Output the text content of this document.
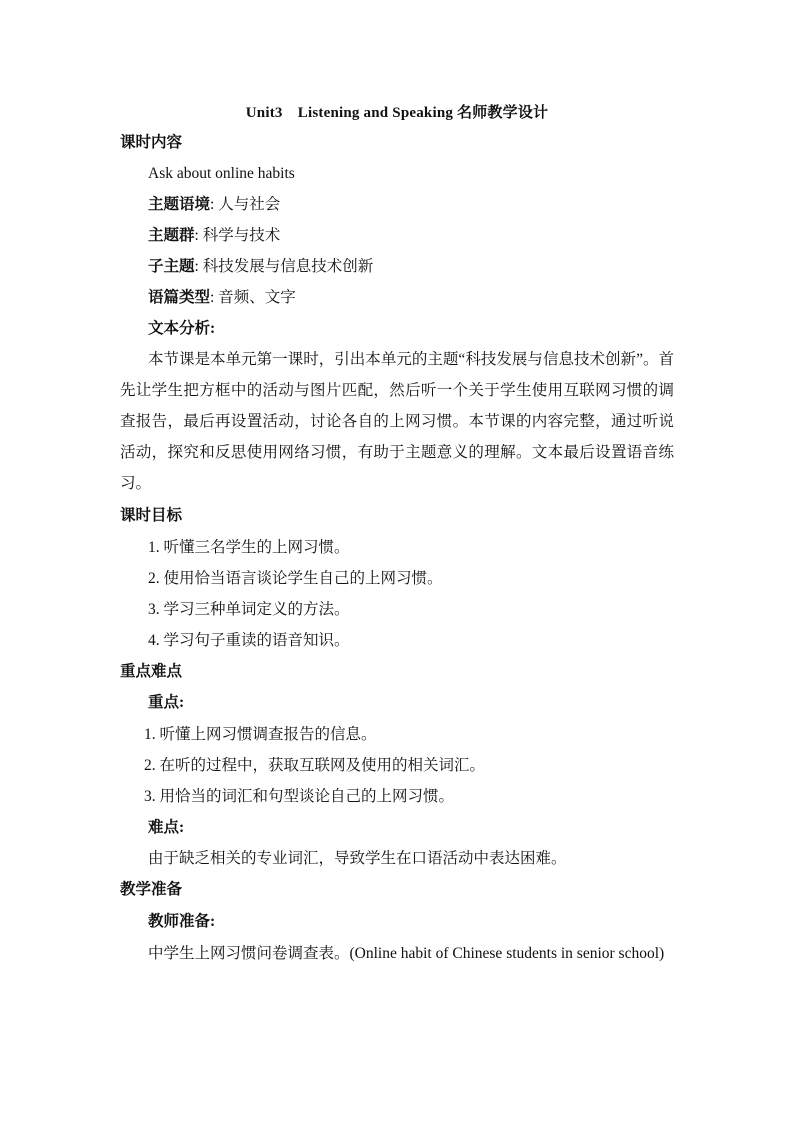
Unit3　Listening and Speaking 名师教学设计
课时内容
Ask about online habits
主题语境: 人与社会
主题群: 科学与技术
子主题: 科技发展与信息技术创新
语篇类型: 音频、文字
文本分析:

本节课是本单元第一课时，引出本单元的主题“科技发展与信息技术创新”。首先让学生把方框中的活动与图片匹配，然后听一个关于学生使用互联网习惯的调查报告，最后再设置活动，讨论各自的上网习惯。本节课的内容完整，通过听说活动，探究和反思使用网络习惯，有助于主题意义的理解。文本最后设置语音练习。

课时目标
1. 听懂三名学生的上网习惯。
2. 使用恰当语言谈论学生自己的上网习惯。
3. 学习三种单词定义的方法。
4. 学习句子重读的语音知识。
重点难点
重点:
1. 听懂上网习惯调查报告的信息。
2. 在听的过程中，获取互联网及使用的相关词汇。
3. 用恰当的词汇和句型谈论自己的上网习惯。
难点:
由于缺乏相关的专业词汇，导致学生在口语活动中表达困难。
教学准备
教师准备:

中学生上网习惯问卷调查表。(Online habit of Chinese students in senior school)
